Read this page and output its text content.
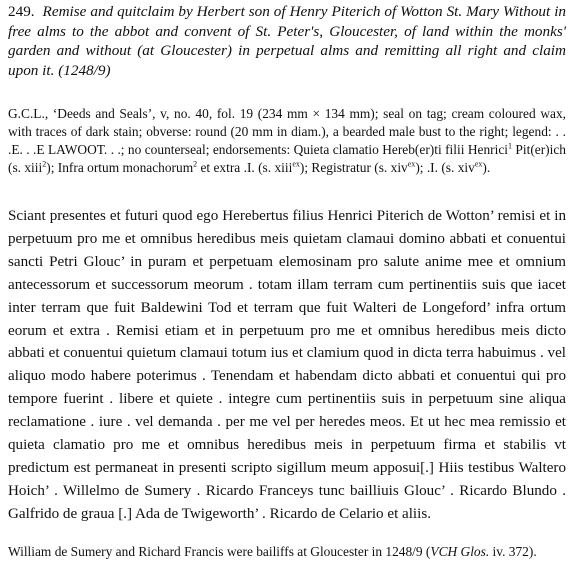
249. Remise and quitclaim by Herbert son of Henry Piterich of Wotton St. Mary Without in free alms to the abbot and convent of St. Peter's, Gloucester, of land within the monks' garden and without (at Gloucester) in perpetual alms and remitting all right and claim upon it. (1248/9)
G.C.L., ‘Deeds and Seals’, v, no. 40, fol. 19 (234 mm × 134 mm); seal on tag; cream coloured wax, with traces of dark stain; obverse: round (20 mm in diam.), a bearded male bust to the right; legend: . . .E. . .E LAWOOT. . .; no counterseal; endorsements: Quieta clamatio Hereb(er)ti filii Henrici$^1$ Pit(er)ich (s. xiii$^2$); Infra ortum monachorum$^2$ et extra .I. (s. xiii$^{ex}$); Registratur (s. xiv$^{ex}$); .I. (s. xiv$^{ex}$).
Sciant presentes et futuri quod ego Herebertus filius Henrici Piterich de Wotton’ remisi et in perpetuum pro me et omnibus heredibus meis quietam clamaui domino abbati et conuentui sancti Petri Glouc’ in puram et perpetuam elemosinam pro salute anime mee et omnium antecessorum et successorum meorum . totam illam terram cum pertinentiis suis que iacet inter terram que fuit Baldewini Tod et terram que fuit Walteri de Longeford’ infra ortum eorum et extra . Remisi etiam et in perpetuum pro me et omnibus heredibus meis dicto abbati et conuentui quietum clamaui totum ius et clamium quod in dicta terra habuimus . vel aliquo modo habere poterimus . Tenendam et habendam dicto abbati et conuentui qui pro tempore fuerint . libere et quiete . integre cum pertinentiis suis in perpetuum sine aliqua reclamatione . iure . vel demanda . per me vel per heredes meos. Et ut hec mea remissio et quieta clamatio pro me et omnibus heredibus meis in perpetuum firma et stabilis vt predictum est permaneat in presenti scripto sigillum meum apposui[.] Hiis testibus Waltero Hoich’ . Willelmo de Sumery . Ricardo Franceys tunc bailliuis Glouc’ . Ricardo Blundo . Galfrido de graua [.] Ada de Twigeworth’ . Ricardo de Celario et aliis.
William de Sumery and Richard Francis were bailiffs at Gloucester in 1248/9 (VCH Glos. iv. 372).
